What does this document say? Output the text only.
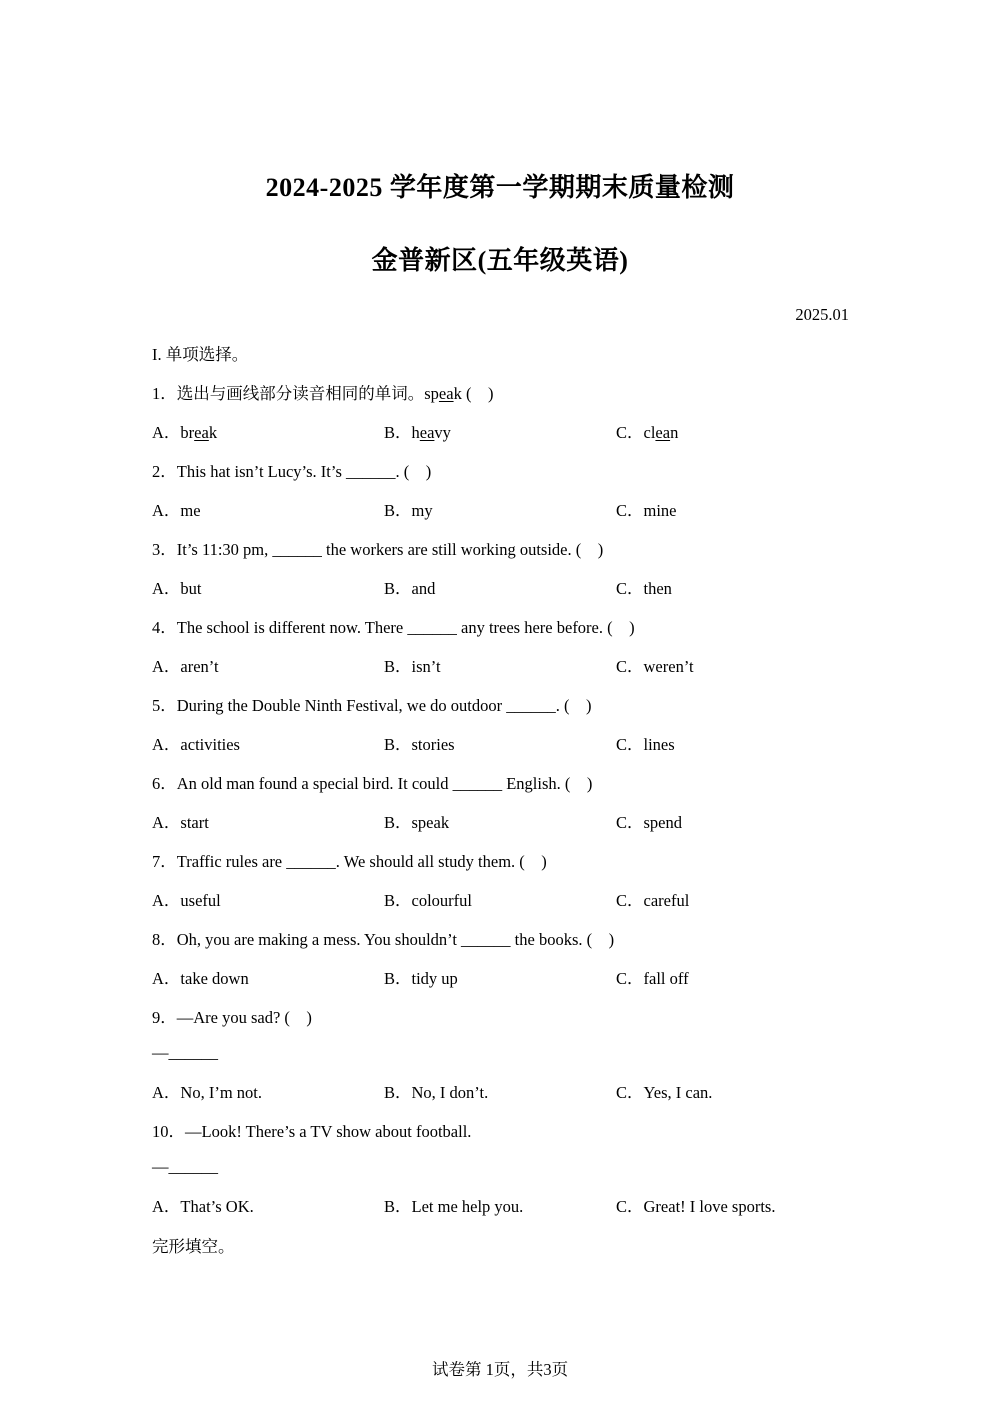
2024-2025 学年度第一学期期末质量检测
金普新区(五年级英语)
2025.01
I. 单项选择。
1．选出与画线部分读音相同的单词。speak (　)
A．break	B．heavy	C．clean
2．This hat isn’t Lucy’s. It’s ______. (　)
A．me	B．my	C．mine
3．It’s 11:30 pm, ______ the workers are still working outside. (　)
A．but	B．and	C．then
4．The school is different now. There ______ any trees here before. (　)
A．aren’t	B．isn’t	C．weren’t
5．During the Double Ninth Festival, we do outdoor ______. (　)
A．activities	B．stories	C．lines
6．An old man found a special bird. It could ______ English. (　)
A．start	B．speak	C．spend
7．Traffic rules are ______. We should all study them. (　)
A．useful	B．colourful	C．careful
8．Oh, you are making a mess. You shouldn’t ______ the books. (　)
A．take down	B．tidy up	C．fall off
9．—Are you sad? (　)
—______
A．No, I’m not.	B．No, I don’t.	C．Yes, I can.
10．—Look! There’s a TV show about football.
—______
A．That’s OK.	B．Let me help you.	C．Great! I love sports.
完形填空。
试卷第 1页，共3页
